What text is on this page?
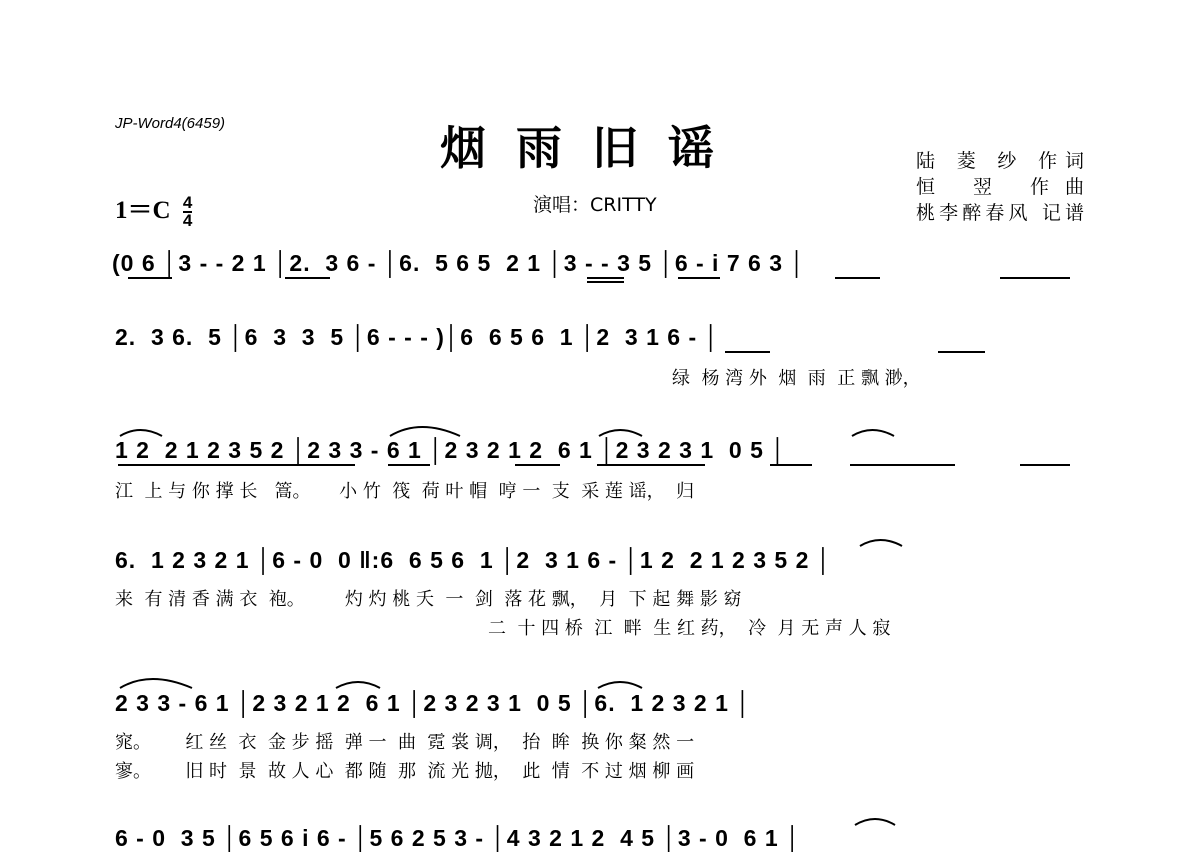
JP-Word4(6459)	烟雨旧谣	陆 菱 纱 作词
恒 翌 作曲
桃李醉春风 记谱
$1=C \frac{4}{4}$	演唱：CRITTY
(0 6 │3 - - 2 1 │2.  3 6 - │6.  5 6 5  2 1 │3 - - 3 5 │6 - i 7 6 3 │
2.  3 6.  5 │6  3  3  5 │6 - - - )│6  6 5 6  1 │2  3 1 6 - │
绿  杨 湾 外  烟  雨  正 飘 渺，
1 2  2 1 2 3 5 2 │2 3 3 - 6 1 │2 3 2 1 2  6 1 │2 3 2 3 1  0 5 │
江  上 与 你 撑 长   篙。     小 竹  筏  荷 叶 帽  哼 一  支  采 莲 谣，  归
6.  1 2 3 2 1 │6 - 0  0 ‖:6  6 5 6  1 │2  3 1 6 - │1 2  2 1 2 3 5 2 │
来  有 清 香 满 衣  袍。       灼 灼 桃 夭  一  剑  落 花 飘，  月  下 起 舞 影 窈
二  十 四 桥  江  畔  生 红 药，  冷  月 无 声 人 寂
2 3 3 - 6 1 │2 3 2 1 2  6 1 │2 3 2 3 1  0 5 │6.  1 2 3 2 1 │
窕。      红 丝  衣  金 步 摇  弹 一  曲  霓 裳 调，  抬  眸  换 你 粲 然 一
寥。      旧 时  景  故 人 心  都 随  那  流 光 抛，  此  情  不 过 烟 柳 画
6 - 0  3 5 │6 5 6 i 6 - │5 6 2 5 3 - │4 3 2 1 2  4 5 │3 - 0  6 1 │
